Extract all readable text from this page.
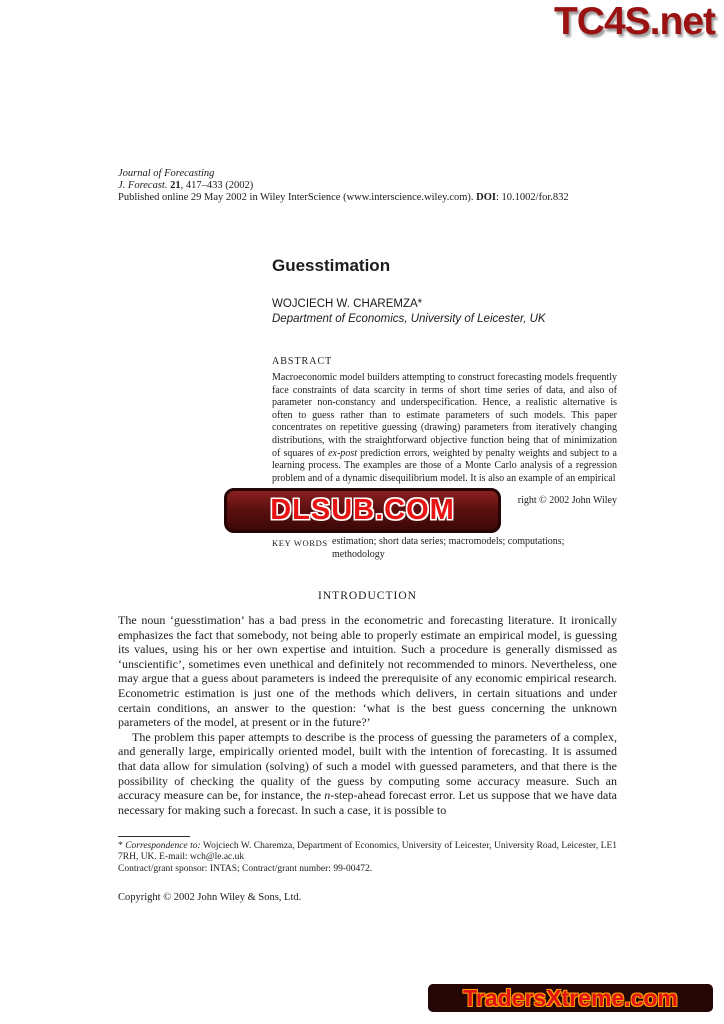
TC4S.net
Journal of Forecasting
J. Forecast. 21, 417–433 (2002)
Published online 29 May 2002 in Wiley InterScience (www.interscience.wiley.com). DOI: 10.1002/for.832
Guesstimation
WOJCIECH W. CHAREMZA*
Department of Economics, University of Leicester, UK
ABSTRACT
Macroeconomic model builders attempting to construct forecasting models frequently face constraints of data scarcity in terms of short time series of data, and also of parameter non-constancy and underspecification. Hence, a realistic alternative is often to guess rather than to estimate parameters of such models. This paper concentrates on repetitive guessing (drawing) parameters from iteratively changing distributions, with the straightforward objective function being that of minimization of squares of ex-post prediction errors, weighted by penalty weights and subject to a learning process. The examples are those of a Monte Carlo analysis of a regression problem and of a dynamic disequilibrium model. It is also an example of an empirical
right © 2002 John Wiley
KEY WORDS estimation; short data series; macromodels; computations; methodology
INTRODUCTION

The noun ‘guesstimation’ has a bad press in the econometric and forecasting literature. It ironically emphasizes the fact that somebody, not being able to properly estimate an empirical model, is guessing its values, using his or her own expertise and intuition. Such a procedure is generally dismissed as ‘unscientific’, sometimes even unethical and definitely not recommended to minors. Nevertheless, one may argue that a guess about parameters is indeed the prerequisite of any economic empirical research. Econometric estimation is just one of the methods which delivers, in certain situations and under certain conditions, an answer to the question: ‘what is the best guess concerning the unknown parameters of the model, at present or in the future?’

The problem this paper attempts to describe is the process of guessing the parameters of a complex, and generally large, empirically oriented model, built with the intention of forecasting. It is assumed that data allow for simulation (solving) of such a model with guessed parameters, and that there is the possibility of checking the quality of the guess by computing some accuracy measure. Such an accuracy measure can be, for instance, the n-step-ahead forecast error. Let us suppose that we have data necessary for making such a forecast. In such a case, it is possible to

* Correspondence to: Wojciech W. Charemza, Department of Economics, University of Leicester, University Road, Leicester, LE1 7RH, UK. E-mail: wch@le.ac.uk

Contract/grant sponsor: INTAS; Contract/grant number: 99-00472.

Copyright © 2002 John Wiley & Sons, Ltd.
DLSUB.COM
TradersXtreme.com
